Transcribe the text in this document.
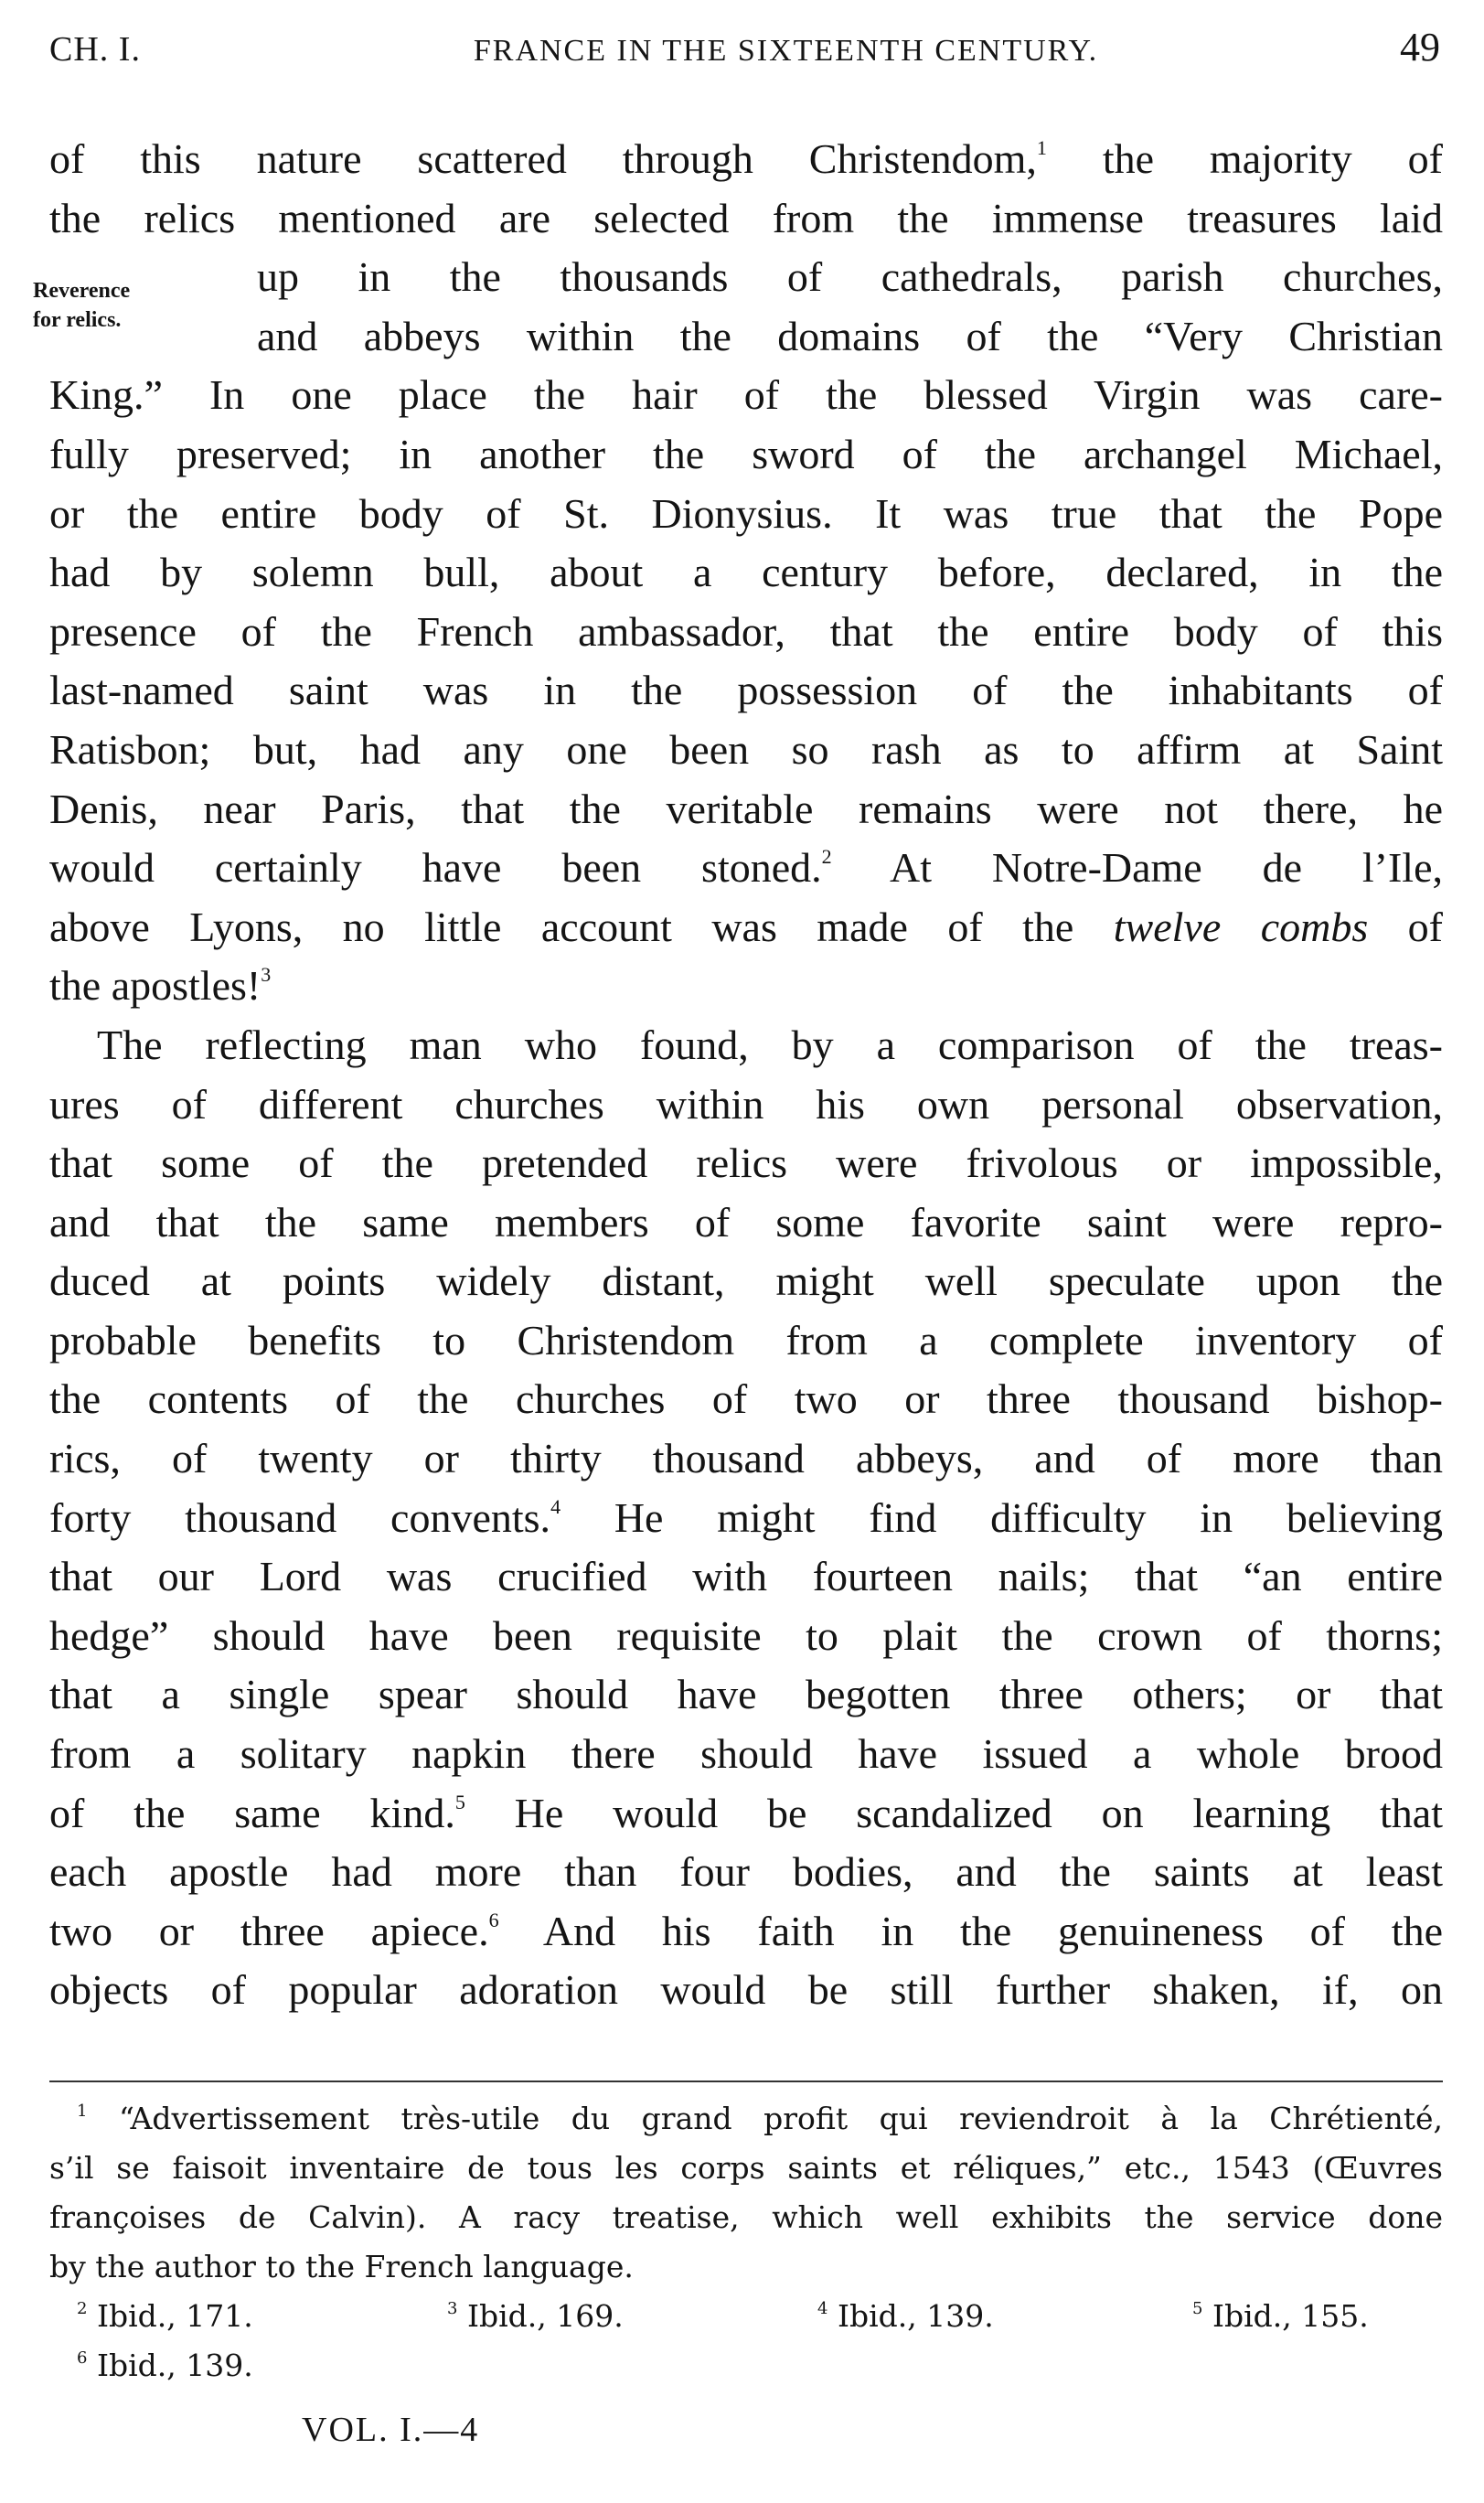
CH. I.	FRANCE IN THE SIXTEENTH CENTURY.	49
Reverence
for relics.
of this nature scattered through Christendom,$^1$ the majority of
the relics mentioned are selected from the immense treasures laid
up in the thousands of cathedrals, parish churches,
and abbeys within the domains of the “Very Christian
King.” In one place the hair of the blessed Virgin was care-
fully preserved; in another the sword of the archangel Michael,
or the entire body of St. Dionysius. It was true that the Pope
had by solemn bull, about a century before, declared, in the
presence of the French ambassador, that the entire body of this
last-named saint was in the possession of the inhabitants of
Ratisbon; but, had any one been so rash as to affirm at Saint
Denis, near Paris, that the veritable remains were not there, he
would certainly have been stoned.$^2$ At Notre-Dame de l’Ile,
above Lyons, no little account was made of the twelve combs of
the apostles!$^3$
The reflecting man who found, by a comparison of the treas-
ures of different churches within his own personal observation,
that some of the pretended relics were frivolous or impossible,
and that the same members of some favorite saint were repro-
duced at points widely distant, might well speculate upon the
probable benefits to Christendom from a complete inventory of
the contents of the churches of two or three thousand bishop-
rics, of twenty or thirty thousand abbeys, and of more than
forty thousand convents.$^4$ He might find difficulty in believing
that our Lord was crucified with fourteen nails; that “an entire
hedge” should have been requisite to plait the crown of thorns;
that a single spear should have begotten three others; or that
from a solitary napkin there should have issued a whole brood
of the same kind.$^5$ He would be scandalized on learning that
each apostle had more than four bodies, and the saints at least
two or three apiece.$^6$ And his faith in the genuineness of the
objects of popular adoration would be still further shaken, if, on
$^1$ “Advertissement très-utile du grand profit qui reviendroit à la Chrétienté,
s’il se faisoit inventaire de tous les corps saints et réliques,” etc., 1543 (Œuvres
françoises de Calvin). A racy treatise, which well exhibits the service done
by the author to the French language.
$^2$ Ibid., 171.	$^3$ Ibid., 169.	$^4$ Ibid., 139.	$^5$ Ibid., 155.
$^6$ Ibid., 139.
VOL. I.—4
